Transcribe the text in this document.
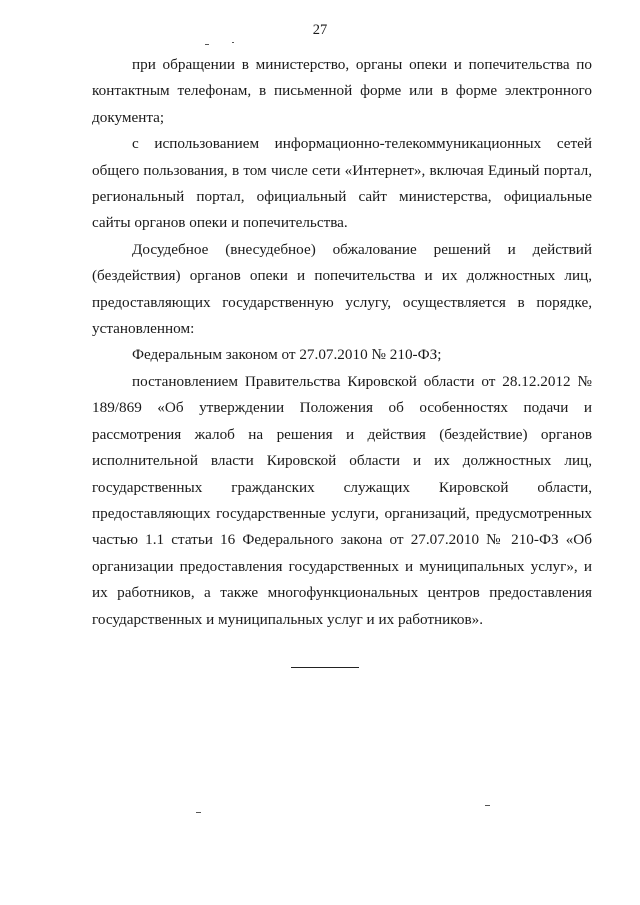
27

при обращении в министерство, органы опеки и попечительства по контактным телефонам, в письменной форме или в форме электронного документа;

с использованием информационно-телекоммуникационных сетей общего пользования, в том числе сети «Интернет», включая Единый портал, региональный портал, официальный сайт министерства, официальные сайты органов опеки и попечительства.

Досудебное (внесудебное) обжалование решений и действий (бездействия) органов опеки и попечительства и их должностных лиц, предоставляющих государственную услугу, осуществляется в порядке, установленном:

Федеральным законом от 27.07.2010 № 210-ФЗ;

постановлением Правительства Кировской области от 28.12.2012 № 189/869 «Об утверждении Положения об особенностях подачи и рассмотрения жалоб на решения и действия (бездействие) органов исполнительной власти Кировской области и их должностных лиц, государственных гражданских служащих Кировской области, предоставляющих государственные услуги, организаций, предусмотренных частью 1.1 статьи 16 Федерального закона от 27.07.2010 № 210-ФЗ «Об организации предоставления государственных и муниципальных услуг», и их работников, а также многофункциональных центров предоставления государственных и муниципальных услуг и их работников».
